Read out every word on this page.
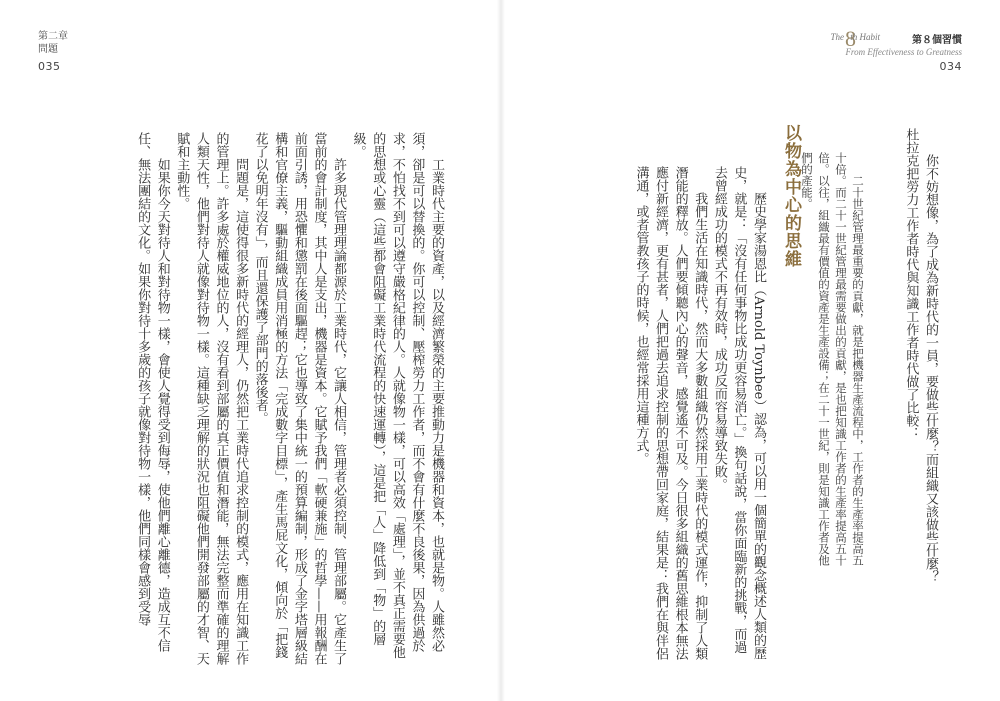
第二章
問題
035
The 8
th Habit	第８個習慣
From Effectiveness to Greatness
034

你不妨想像，為了成為新時代的一員，要做些什麼？而組織又該做些什麼？杜拉克把勞力工作者時代與知識工作者時代做了比較：

二十世紀管理最重要的貢獻，就是把機器生產流程中，工作者的生產率提高五十倍。而二十一世紀管理最需要做出的貢獻，是也把知識工作者的生產率提高五十倍。以往，組織最有價值的資產是生產設備；在二十一世紀，則是知識工作者及他們的產能。

以物為中心的思維

歷史學家湯恩比（Arnold Toynbee）認為，可以用一個簡單的觀念概述人類的歷史，就是：「沒有任何事物比成功更容易消亡。」換句話說，當你面臨新的挑戰，而過去曾經成功的模式不再有效時，成功反而容易導致失敗。

我們生活在知識時代，然而大多數組織仍然採用工業時代的模式運作，抑制了人類潛能的釋放。人們要傾聽內心的聲音，感覺遙不可及。今日很多組織的舊思維根本無法應付新經濟，更有甚者，人們把過去追求控制的思想帶回家庭，結果是：我們在與伴侶溝通，或者管教孩子的時候，也經常採用這種方式。

工業時代主要的資產，以及經濟繁榮的主要推動力是機器和資本，也就是物。人雖然必須，卻是可以替換的。你可以控制、壓榨勞力工作者，而不會有什麼不良後果，因為供過於求，不怕找不到可以遵守嚴格紀律的人。人就像物一樣，可以高效「處理」，並不真正需要他的思想或心靈（這些都會阻礙工業時代流程的快速運轉），這是把「人」降低到「物」的層級。

許多現代管理理論都源於工業時代，它讓人相信，管理者必須控制、管理部屬。它產生了當前的會計制度，其中人是支出，機器是資本。它賦予我們「軟硬兼施」的哲學——用報酬在前面引誘，用恐懼和懲罰在後面驅趕；它也導致了集中統一的預算編制，形成了金字塔層級結構和官僚主義，驅動組織成員用消極的方法「完成數字目標」，產生馬屁文化，傾向於「把錢花了以免明年沒有」，而且還保護了部門的落後者。

問題是，這使得很多新時代的經理人，仍然把工業時代追求控制的模式，應用在知識工作的管理上。許多處於權威地位的人，沒有看到部屬的真正價值和潛能，無法完整而準確的理解人類天性，他們對待人就像對待物一樣。這種缺乏理解的狀況也阻礙他們開發部屬的才智、天賦和主動性。

如果你今天對待人和對待物一樣，會使人覺得受到侮辱，使他們離心離德，造成互不信任、無法團結的文化。如果你對待十多歲的孩子就像對待物一樣，他們同樣會感到受辱
